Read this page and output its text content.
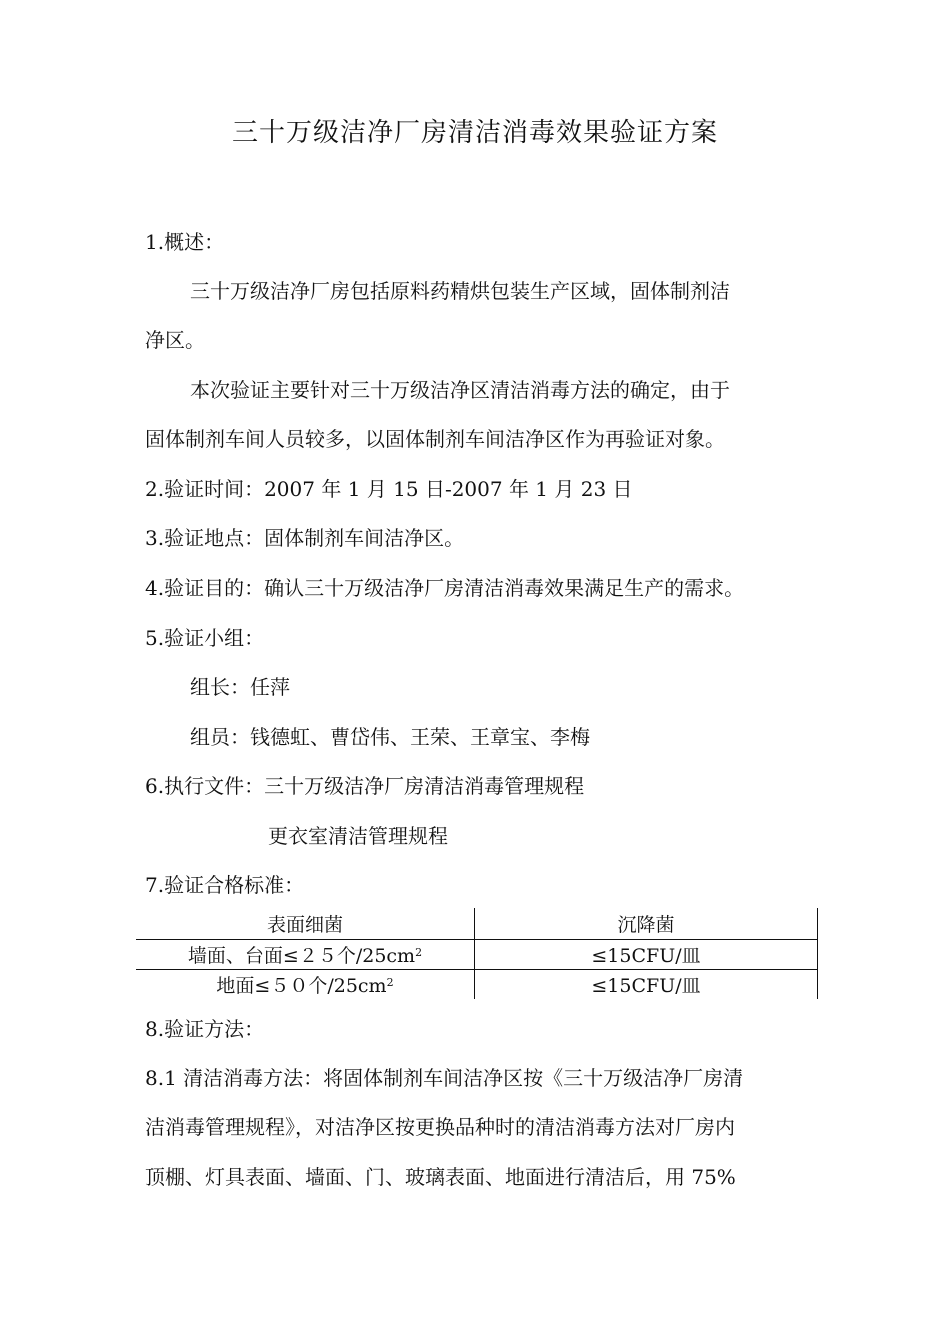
三十万级洁净厂房清洁消毒效果验证方案
1.概述：
三十万级洁净厂房包括原料药精烘包装生产区域，固体制剂洁
净区。
本次验证主要针对三十万级洁净区清洁消毒方法的确定，由于
固体制剂车间人员较多，以固体制剂车间洁净区作为再验证对象。
2.验证时间：2007 年 1 月 15 日-2007 年 1 月 23 日
3.验证地点：固体制剂车间洁净区。
4.验证目的：确认三十万级洁净厂房清洁消毒效果满足生产的需求。
5.验证小组：
组长：任萍
组员：钱德虹、曹岱伟、王荣、王章宝、李梅
6.执行文件：三十万级洁净厂房清洁消毒管理规程
更衣室清洁管理规程
7.验证合格标准：
表面细菌	沉降菌
墙面、台面≤２５个$/25cm^2$	≤15CFU/皿
地面≤５０个$/25cm^2$	≤15CFU/皿
8.验证方法：
8.1 清洁消毒方法：将固体制剂车间洁净区按《三十万级洁净厂房清
洁消毒管理规程》，对洁净区按更换品种时的清洁消毒方法对厂房内
顶棚、灯具表面、墙面、门、玻璃表面、地面进行清洁后，用 75%
